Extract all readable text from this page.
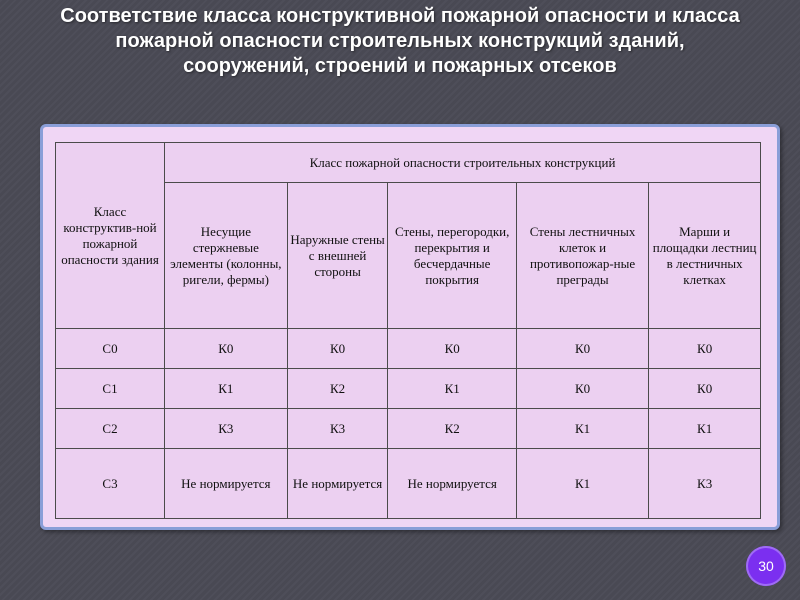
Соответствие класса конструктивной пожарной опасности и класса пожарной опасности строительных конструкций зданий, сооружений, строений и пожарных отсеков
Класс конструктив-ной пожарной опасности здания	Класс пожарной опасности строительных конструкций				
	Несущие стержневые элементы (колонны, ригели, фермы)	Наружные стены с внешней стороны	Стены, перегородки, перекрытия и бесчердачные покрытия	Стены лестничных клеток и противопожар-ные преграды	Марши и площадки лестниц в лестничных клетках
С0	К0	К0	К0	К0	К0
С1	К1	К2	К1	К0	К0
С2	К3	К3	К2	К1	К1
С3	Не нормируется	Не нормируется	Не нормируется	К1	К3
30
